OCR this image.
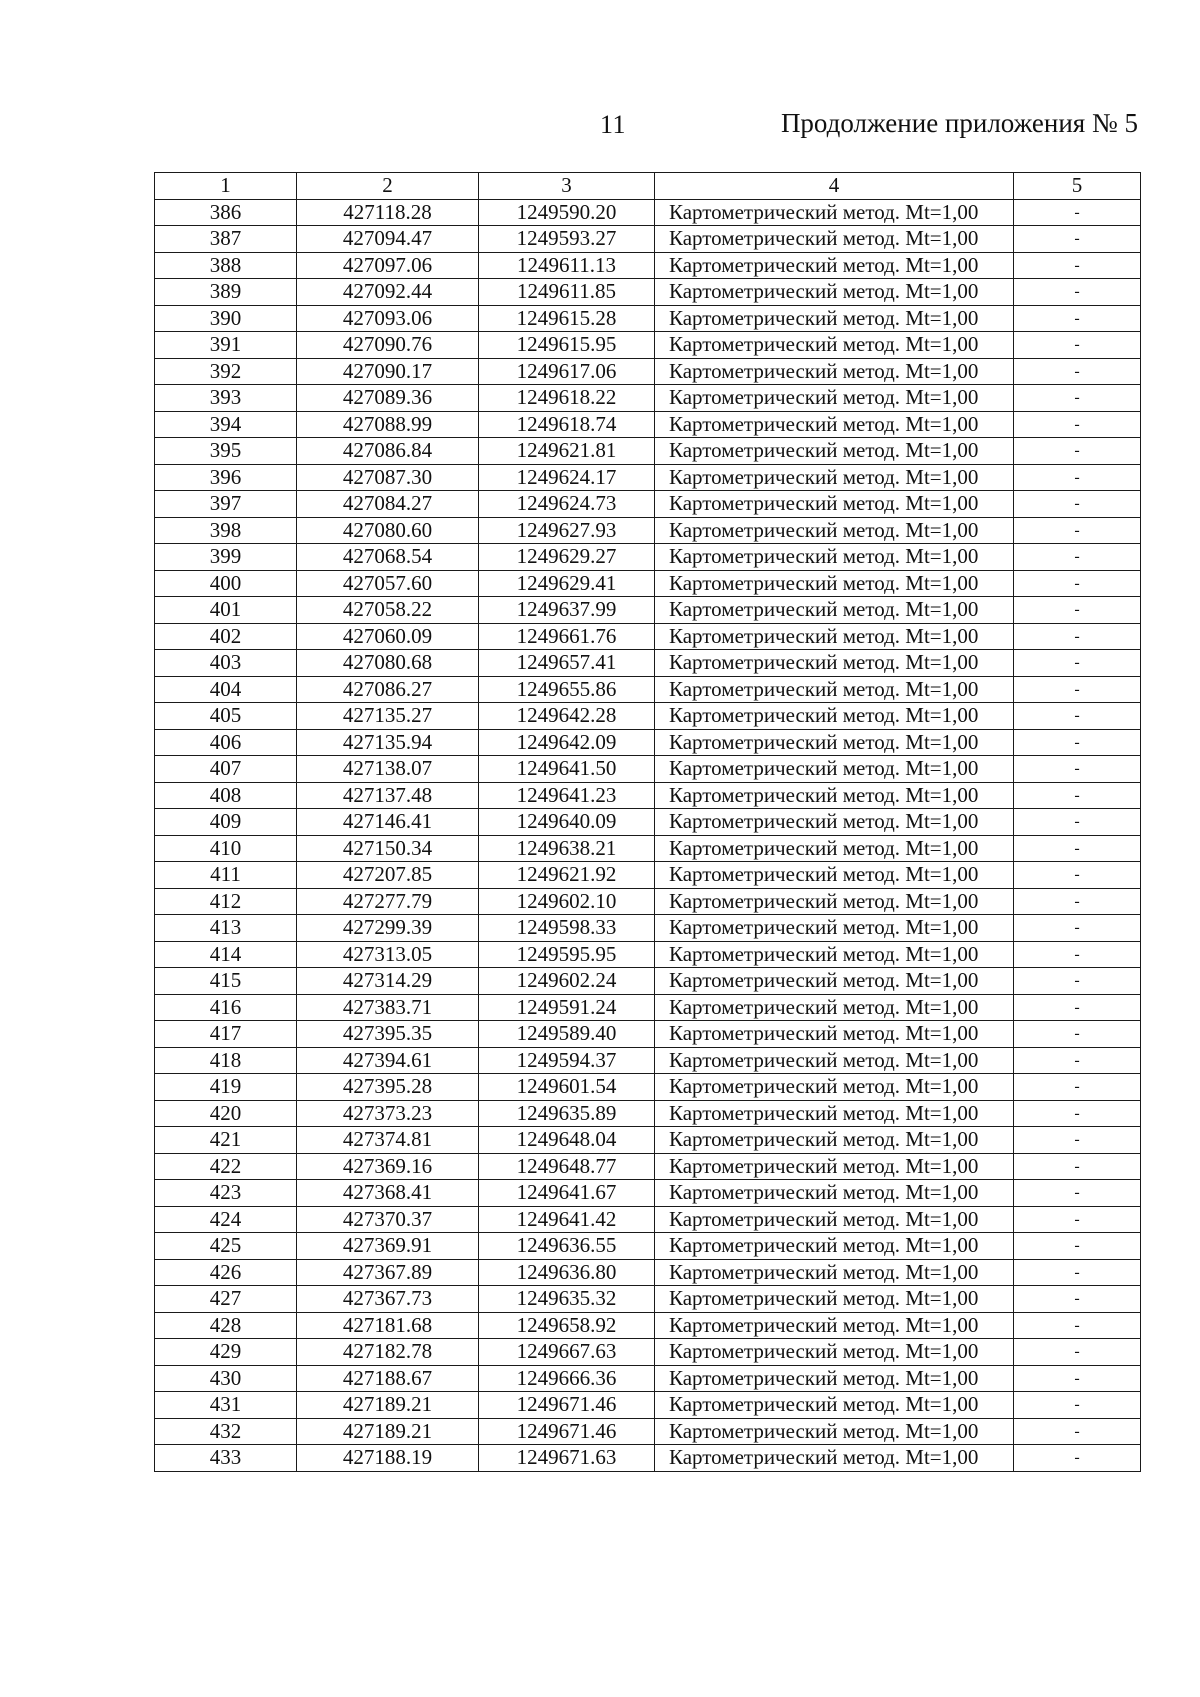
11	Продолжение приложения № 5
1	2	3	4	5
386	427118.28	1249590.20	Картометрический метод. Mt=1,00	-
387	427094.47	1249593.27	Картометрический метод. Mt=1,00	-
388	427097.06	1249611.13	Картометрический метод. Mt=1,00	-
389	427092.44	1249611.85	Картометрический метод. Mt=1,00	-
390	427093.06	1249615.28	Картометрический метод. Mt=1,00	-
391	427090.76	1249615.95	Картометрический метод. Mt=1,00	-
392	427090.17	1249617.06	Картометрический метод. Mt=1,00	-
393	427089.36	1249618.22	Картометрический метод. Mt=1,00	-
394	427088.99	1249618.74	Картометрический метод. Mt=1,00	-
395	427086.84	1249621.81	Картометрический метод. Mt=1,00	-
396	427087.30	1249624.17	Картометрический метод. Mt=1,00	-
397	427084.27	1249624.73	Картометрический метод. Mt=1,00	-
398	427080.60	1249627.93	Картометрический метод. Mt=1,00	-
399	427068.54	1249629.27	Картометрический метод. Mt=1,00	-
400	427057.60	1249629.41	Картометрический метод. Mt=1,00	-
401	427058.22	1249637.99	Картометрический метод. Mt=1,00	-
402	427060.09	1249661.76	Картометрический метод. Mt=1,00	-
403	427080.68	1249657.41	Картометрический метод. Mt=1,00	-
404	427086.27	1249655.86	Картометрический метод. Mt=1,00	-
405	427135.27	1249642.28	Картометрический метод. Mt=1,00	-
406	427135.94	1249642.09	Картометрический метод. Mt=1,00	-
407	427138.07	1249641.50	Картометрический метод. Mt=1,00	-
408	427137.48	1249641.23	Картометрический метод. Mt=1,00	-
409	427146.41	1249640.09	Картометрический метод. Mt=1,00	-
410	427150.34	1249638.21	Картометрический метод. Mt=1,00	-
411	427207.85	1249621.92	Картометрический метод. Mt=1,00	-
412	427277.79	1249602.10	Картометрический метод. Mt=1,00	-
413	427299.39	1249598.33	Картометрический метод. Mt=1,00	-
414	427313.05	1249595.95	Картометрический метод. Mt=1,00	-
415	427314.29	1249602.24	Картометрический метод. Mt=1,00	-
416	427383.71	1249591.24	Картометрический метод. Mt=1,00	-
417	427395.35	1249589.40	Картометрический метод. Mt=1,00	-
418	427394.61	1249594.37	Картометрический метод. Mt=1,00	-
419	427395.28	1249601.54	Картометрический метод. Mt=1,00	-
420	427373.23	1249635.89	Картометрический метод. Mt=1,00	-
421	427374.81	1249648.04	Картометрический метод. Mt=1,00	-
422	427369.16	1249648.77	Картометрический метод. Mt=1,00	-
423	427368.41	1249641.67	Картометрический метод. Mt=1,00	-
424	427370.37	1249641.42	Картометрический метод. Mt=1,00	-
425	427369.91	1249636.55	Картометрический метод. Mt=1,00	-
426	427367.89	1249636.80	Картометрический метод. Mt=1,00	-
427	427367.73	1249635.32	Картометрический метод. Mt=1,00	-
428	427181.68	1249658.92	Картометрический метод. Mt=1,00	-
429	427182.78	1249667.63	Картометрический метод. Mt=1,00	-
430	427188.67	1249666.36	Картометрический метод. Mt=1,00	-
431	427189.21	1249671.46	Картометрический метод. Mt=1,00	-
432	427189.21	1249671.46	Картометрический метод. Mt=1,00	-
433	427188.19	1249671.63	Картометрический метод. Mt=1,00	-
